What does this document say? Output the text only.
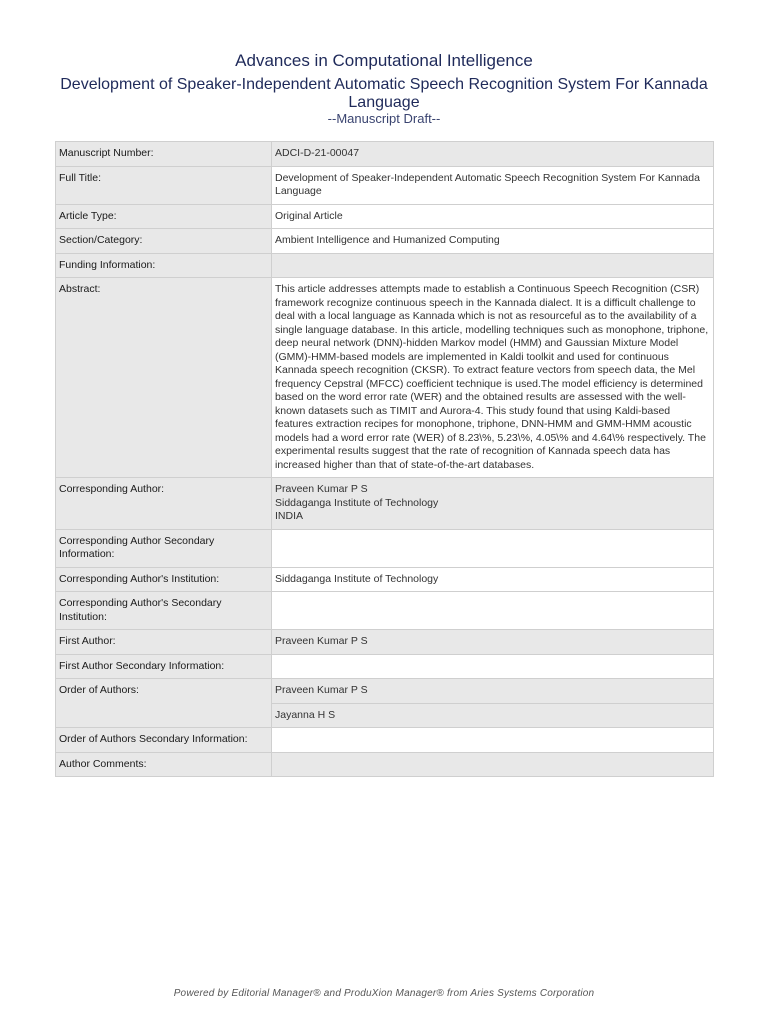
Advances in Computational Intelligence
Development of Speaker-Independent Automatic Speech Recognition System For Kannada Language
--Manuscript Draft--
Manuscript Number:	ADCI-D-21-00047
Full Title:	Development of Speaker-Independent Automatic Speech Recognition System For Kannada Language
Article Type:	Original Article
Section/Category:	Ambient Intelligence and Humanized Computing
Funding Information:	
Abstract:	This article addresses attempts made to establish a Continuous Speech Recognition (CSR) framework recognize continuous speech in the Kannada dialect. It is a difficult challenge to deal with a local language as Kannada which is not as resourceful as to the availability of a single language database. In this article, modelling techniques such as monophone, triphone, deep neural network (DNN)-hidden Markov model (HMM) and Gaussian Mixture Model (GMM)-HMM-based models are implemented in Kaldi toolkit and used for continuous Kannada speech recognition (CKSR). To extract feature vectors from speech data, the Mel frequency Cepstral (MFCC) coefficient technique is used.The model efficiency is determined based on the word error rate (WER) and the obtained results are assessed with the well-known datasets such as TIMIT and Aurora-4. This study found that using Kaldi-based features extraction recipes for monophone, triphone, DNN-HMM and GMM-HMM acoustic models had a word error rate (WER) of 8.23\%, 5.23\%, 4.05\% and 4.64\% respectively. The experimental results suggest that the rate of recognition of Kannada speech data has increased higher than that of state-of-the-art databases.
Corresponding Author:	Praveen Kumar P S
Siddaganga Institute of Technology
INDIA

Corresponding Author Secondary Information:	
Corresponding Author's Institution:	Siddaganga Institute of Technology
Corresponding Author's Secondary Institution:	
First Author:	Praveen Kumar P S
First Author Secondary Information:	
Order of Authors:	Praveen Kumar P S
	Jayanna H S
Order of Authors Secondary Information:	
Author Comments:	
Powered by Editorial Manager® and ProduXion Manager® from Aries Systems Corporation
